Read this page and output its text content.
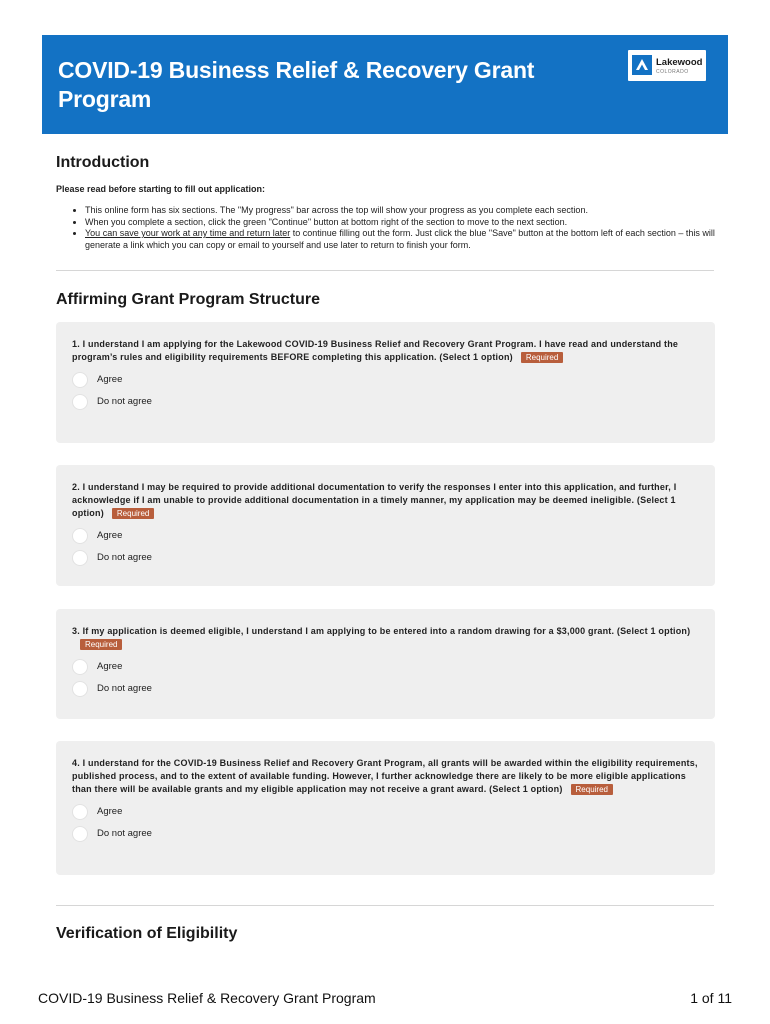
COVID-19 Business Relief & Recovery Grant Program
Lakewood
COLORADO
Introduction
Please read before starting to fill out application:
• This online form has six sections. The "My progress" bar across the top will show your progress as you complete each section.
• When you complete a section, click the green "Continue" button at bottom right of the section to move to the next section.
• You can save your work at any time and return later to continue filling out the form. Just click the blue "Save" button at the bottom left of each section – this will generate a link which you can copy or email to yourself and use later to return to finish your form.
Affirming Grant Program Structure
1. I understand I am applying for the Lakewood COVID-19 Business Relief and Recovery Grant Program. I have read and understand the program’s rules and eligibility requirements BEFORE completing this application. (Select 1 option) Required
Agree
Do not agree
2. I understand I may be required to provide additional documentation to verify the responses I enter into this application, and further, I acknowledge if I am unable to provide additional documentation in a timely manner, my application may be deemed ineligible. (Select 1 option) Required
Agree
Do not agree
3. If my application is deemed eligible, I understand I am applying to be entered into a random drawing for a $3,000 grant. (Select 1 option)Required
Agree
Do not agree
4. I understand for the COVID-19 Business Relief and Recovery Grant Program, all grants will be awarded within the eligibility requirements, published process, and to the extent of available funding. However, I further acknowledge there are likely to be more eligible applications than there will be available grants and my eligible application may not receive a grant award. (Select 1 option) Required
Agree
Do not agree
Verification of Eligibility
COVID-19 Business Relief & Recovery Grant Program	1 of 11
